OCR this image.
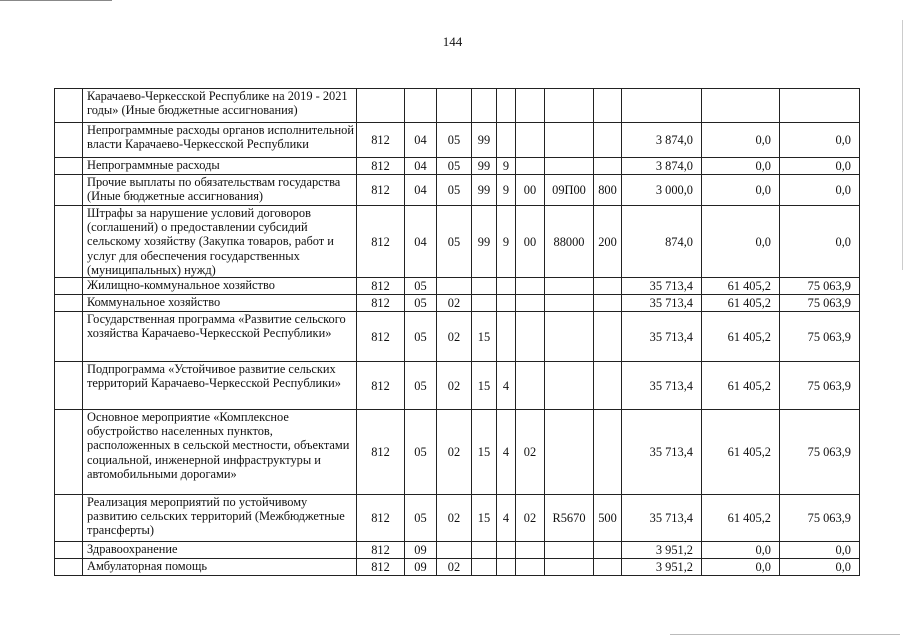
144
	Карачаево-Черкесской Республике на 2019 - 2021 годы» (Иные бюджетные ассигнования)											
	Непрограммные расходы органов исполнительной власти Карачаево-Черкесской Республики	812	04	05	99					3 874,0	0,0	0,0
	Непрограммные расходы	812	04	05	99	9				3 874,0	0,0	0,0
	Прочие выплаты по обязательствам государства (Иные бюджетные ассигнования)	812	04	05	99	9	00	09П00	800	3 000,0	0,0	0,0
	Штрафы за нарушение условий договоров (соглашений) о предоставлении субсидий сельскому хозяйству (Закупка товаров, работ и услуг для обеспечения государственных (муниципальных) нужд)	812	04	05	99	9	00	88000	200	874,0	0,0	0,0
	Жилищно-коммунальное хозяйство	812	05							35 713,4	61 405,2	75 063,9
	Коммунальное хозяйство	812	05	02						35 713,4	61 405,2	75 063,9
	Государственная программа «Развитие сельского хозяйства Карачаево-Черкесской Республики»	812	05	02	15					35 713,4	61 405,2	75 063,9
	Подпрограмма «Устойчивое развитие сельских территорий Карачаево-Черкесской Республики»	812	05	02	15	4				35 713,4	61 405,2	75 063,9
	Основное мероприятие «Комплексное обустройство населенных пунктов, расположенных в сельской местности, объектами социальной, инженерной инфраструктуры и автомобильными дорогами»	812	05	02	15	4	02			35 713,4	61 405,2	75 063,9
	Реализация мероприятий по устойчивому развитию сельских территорий (Межбюджетные трансферты)	812	05	02	15	4	02	R5670	500	35 713,4	61 405,2	75 063,9
	Здравоохранение	812	09							3 951,2	0,0	0,0
	Амбулаторная помощь	812	09	02						3 951,2	0,0	0,0
